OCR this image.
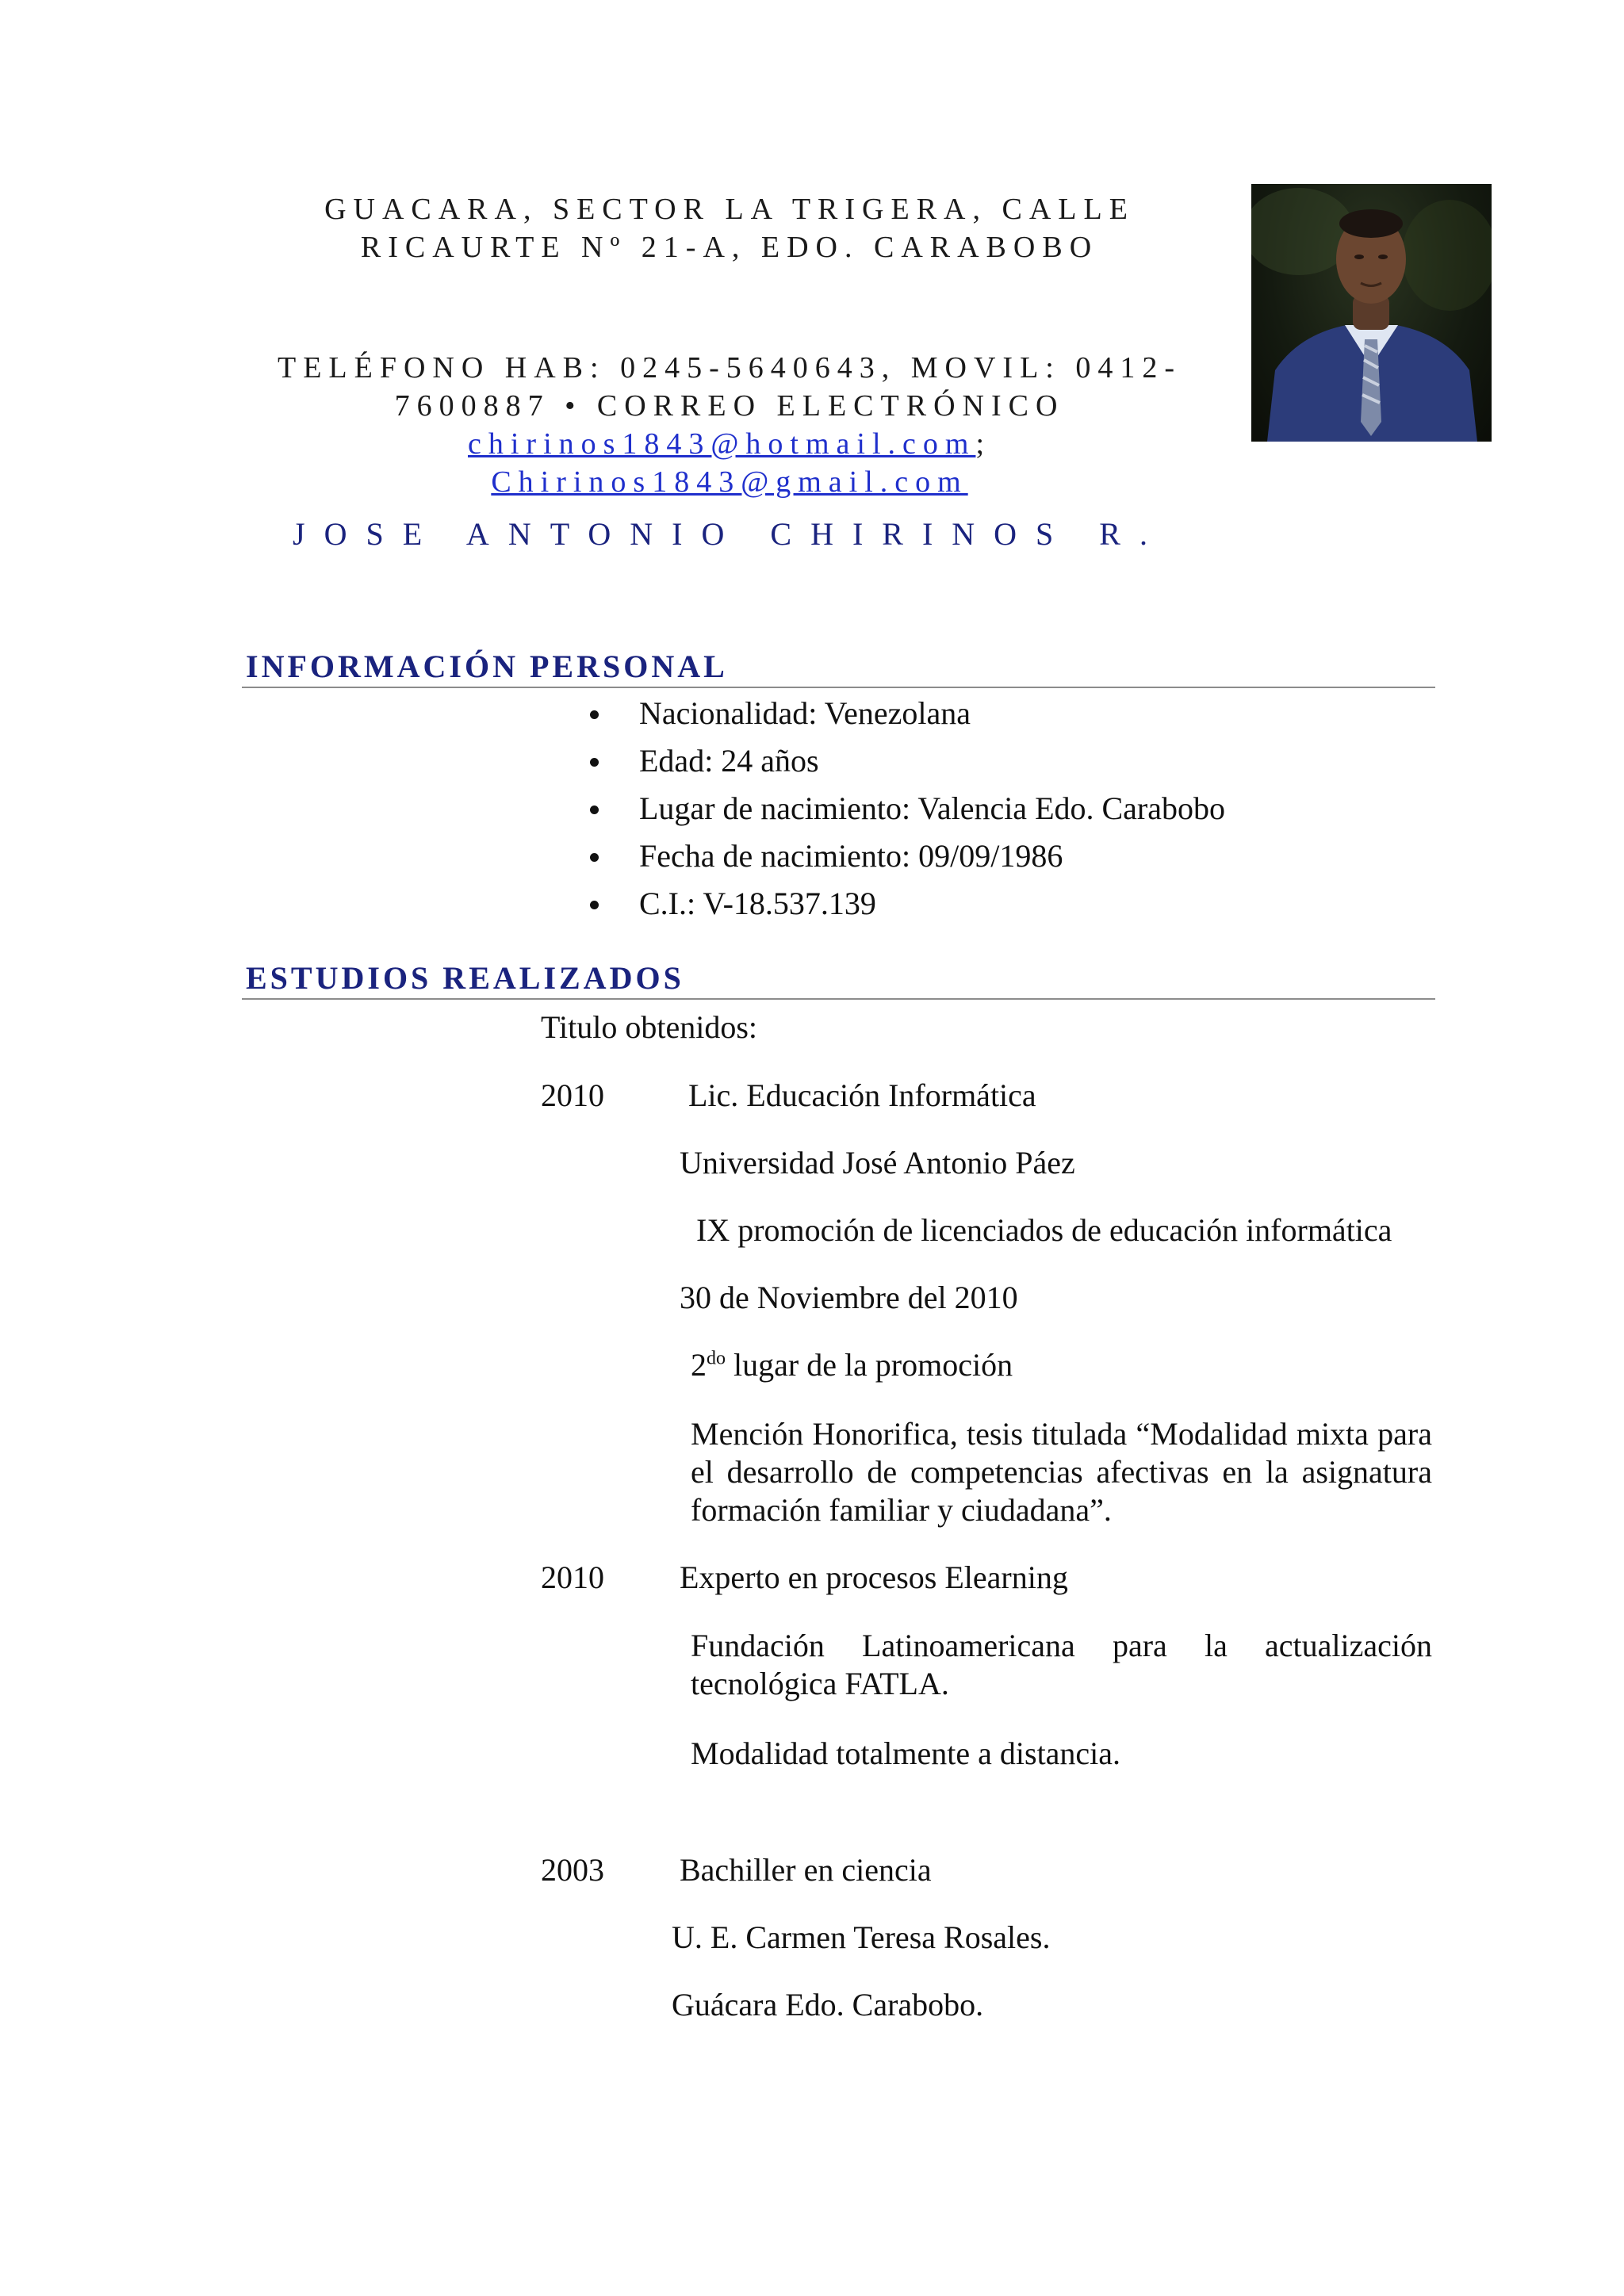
GUACARA, SECTOR LA TRIGERA, CALLE
RICAURTE Nº 21-A, EDO. CARABOBO
TELÉFONO HAB: 0245-5640643, MOVIL: 0412-
7600887 • CORREO ELECTRÓNICO
chirinos1843@hotmail.com; Chirinos1843@gmail.com
JOSE ANTONIO CHIRINOS R.
INFORMACIÓN PERSONAL
Nacionalidad: Venezolana
Edad: 24 años
Lugar de nacimiento: Valencia Edo. Carabobo
Fecha de nacimiento: 09/09/1986
C.I.: V-18.537.139
ESTUDIOS REALIZADOS
Titulo obtenidos:
2010	Lic. Educación Informática
Universidad José Antonio Páez
IX promoción de licenciados de educación informática
30 de Noviembre del 2010
$2^{do}$ lugar de la promoción
Mención Honorifica, tesis titulada “Modalidad mixta para el desarrollo de competencias afectivas en la asignatura formación familiar y ciudadana”.
2010 Experto en procesos Elearning
Fundación Latinoamericana para la actualización tecnológica FATLA.
Modalidad totalmente a distancia.
2003 Bachiller en ciencia
U. E. Carmen Teresa Rosales.
Guácara Edo. Carabobo.
